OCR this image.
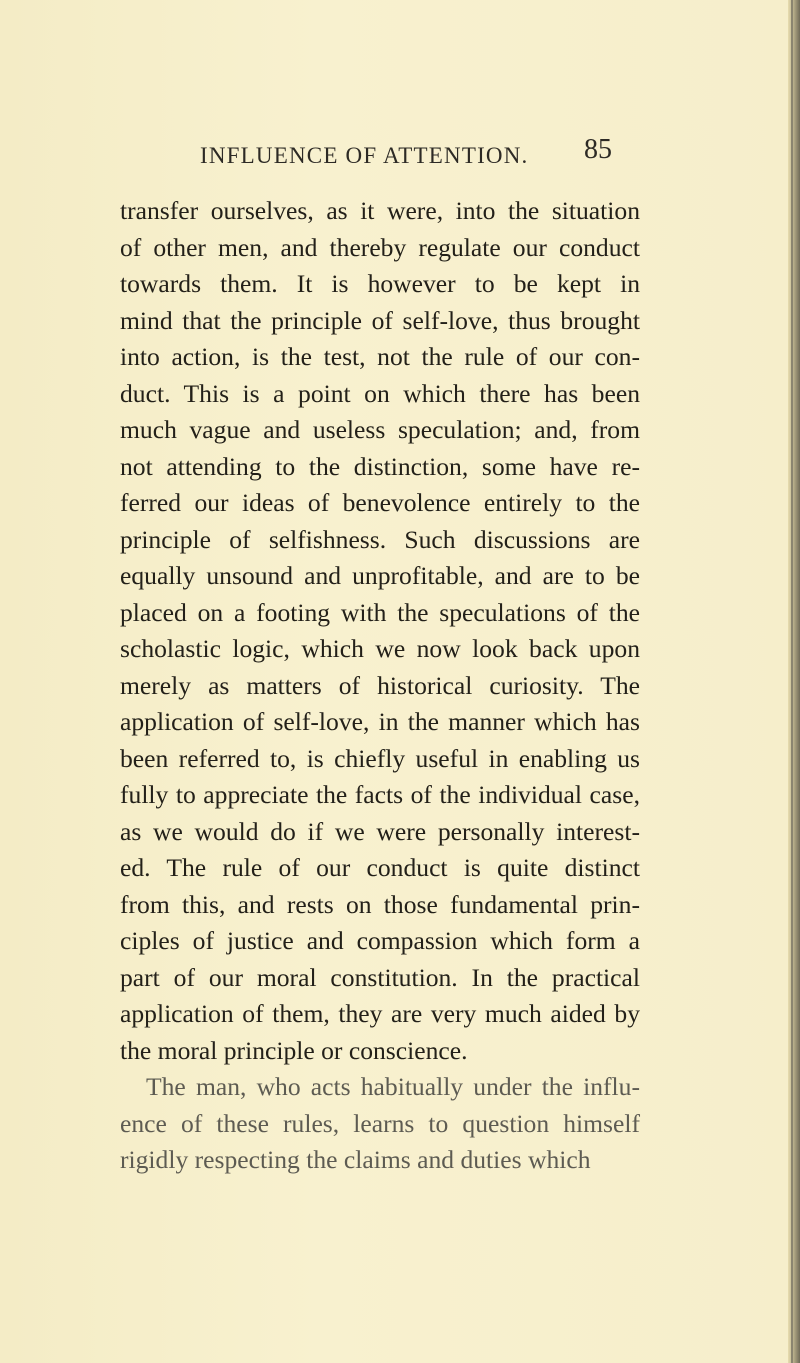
INFLUENCE OF ATTENTION. 85

transfer ourselves, as it were, into the situation

of other men, and thereby regulate our conduct

towards them. It is however to be kept in

mind that the principle of self-love, thus brought

into action, is the test, not the rule of our con-

duct. This is a point on which there has been

much vague and useless speculation; and, from

not attending to the distinction, some have re-

ferred our ideas of benevolence entirely to the

principle of selfishness. Such discussions are

equally unsound and unprofitable, and are to be

placed on a footing with the speculations of the

scholastic logic, which we now look back upon

merely as matters of historical curiosity. The

application of self-love, in the manner which has

been referred to, is chiefly useful in enabling us

fully to appreciate the facts of the individual case,

as we would do if we were personally interest-

ed. The rule of our conduct is quite distinct

from this, and rests on those fundamental prin-

ciples of justice and compassion which form a

part of our moral constitution. In the practical

application of them, they are very much aided by

the moral principle or conscience.

The man, who acts habitually under the influ-

ence of these rules, learns to question himself

rigidly respecting the claims and duties which
